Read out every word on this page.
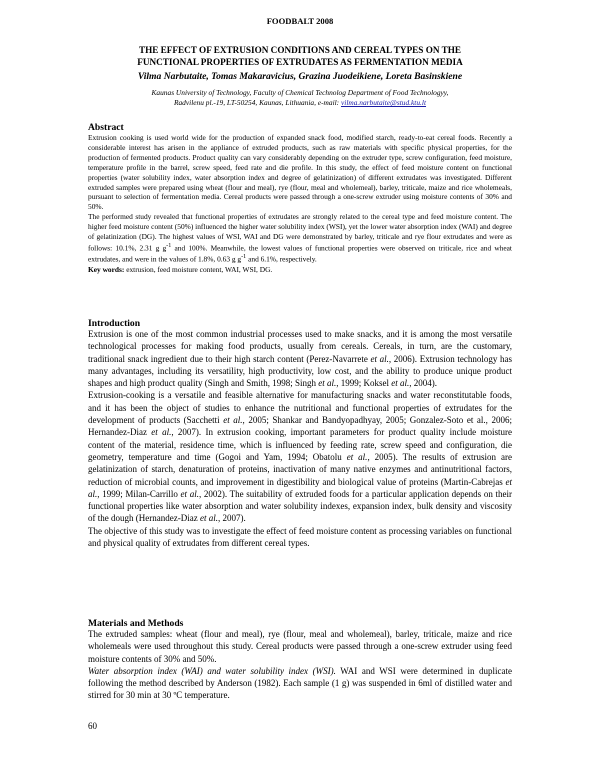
FOODBALT 2008
THE EFFECT OF EXTRUSION CONDITIONS AND CEREAL TYPES ON THE
FUNCTIONAL PROPERTIES OF EXTRUDATES AS FERMENTATION MEDIA
Vilma Narbutaite, Tomas Makaravicius, Grazina Juodeikiene, Loreta Basinskiene
Kaunas University of Technology, Faculty of Chemical Technolog Department of Food Technologyy,
Radvilenu pl.-19, LT-50254, Kaunas, Lithuania, e-mail: vilma.narbutaite@stud.ktu.lt
Abstract

Extrusion cooking is used world wide for the production of expanded snack food, modified starch, ready-to-eat cereal foods. Recently a considerable interest has arisen in the appliance of extruded products, such as raw materials with specific physical properties, for the production of fermented products. Product quality can vary considerably depending on the extruder type, screw configuration, feed moisture, temperature profile in the barrel, screw speed, feed rate and die profile. In this study, the effect of feed moisture content on functional properties (water solubility index, water absorption index and degree of gelatinization) of different extrudates was investigated. Different extruded samples were prepared using wheat (flour and meal), rye (flour, meal and wholemeal), barley, triticale, maize and rice wholemeals, pursuant to selection of fermentation media. Cereal products were passed through a one-screw extruder using moisture contents of 30% and 50%.

The performed study revealed that functional properties of extrudates are strongly related to the cereal type and feed moisture content. The higher feed moisture content (50%) influenced the higher water solubility index (WSI), yet the lower water absorption index (WAI) and degree of gelatinization (DG). The highest values of WSI, WAI and DG were demonstrated by barley, triticale and rye flour extrudates and were as follows: 10.1%, 2.31 g $g^{-1}$ and 100%. Meanwhile, the lowest values of functional properties were observed on triticale, rice and wheat extrudates, and were in the values of 1.8%, 0.63 g $g^{-1}$ and 6.1%, respectively.

Key words: extrusion, feed moisture content, WAI, WSI, DG.

Introduction

Extrusion is one of the most common industrial processes used to make snacks, and it is among the most versatile technological processes for making food products, usually from cereals. Cereals, in turn, are the customary, traditional snack ingredient due to their high starch content (Perez-Navarrete et al., 2006). Extrusion technology has many advantages, including its versatility, high productivity, low cost, and the ability to produce unique product shapes and high product quality (Singh and Smith, 1998; Singh et al., 1999; Koksel et al., 2004).

Extrusion-cooking is a versatile and feasible alternative for manufacturing snacks and water reconstitutable foods, and it has been the object of studies to enhance the nutritional and functional properties of extrudates for the development of products (Sacchetti et al., 2005; Shankar and Bandyopadhyay, 2005; Gonzalez-Soto et al., 2006; Hernandez-Diaz et al., 2007). In extrusion cooking, important parameters for product quality include moisture content of the material, residence time, which is influenced by feeding rate, screw speed and configuration, die geometry, temperature and time (Gogoi and Yam, 1994; Obatolu et al., 2005). The results of extrusion are gelatinization of starch, denaturation of proteins, inactivation of many native enzymes and antinutritional factors, reduction of microbial counts, and improvement in digestibility and biological value of proteins (Martin-Cabrejas et al., 1999; Milan-Carrillo et al., 2002). The suitability of extruded foods for a particular application depends on their functional properties like water absorption and water solubility indexes, expansion index, bulk density and viscosity of the dough (Hernandez-Diaz et al., 2007).

The objective of this study was to investigate the effect of feed moisture content as processing variables on functional and physical quality of extrudates from different cereal types.

Materials and Methods

The extruded samples: wheat (flour and meal), rye (flour, meal and wholemeal), barley, triticale, maize and rice wholemeals were used throughout this study. Cereal products were passed through a one-screw extruder using feed moisture contents of 30% and 50%.

Water absorption index (WAI) and water solubility index (WSI). WAI and WSI were determined in duplicate following the method described by Anderson (1982). Each sample (1 g) was suspended in 6ml of distilled water and stirred for 30 min at 30 ºC temperature.

60
